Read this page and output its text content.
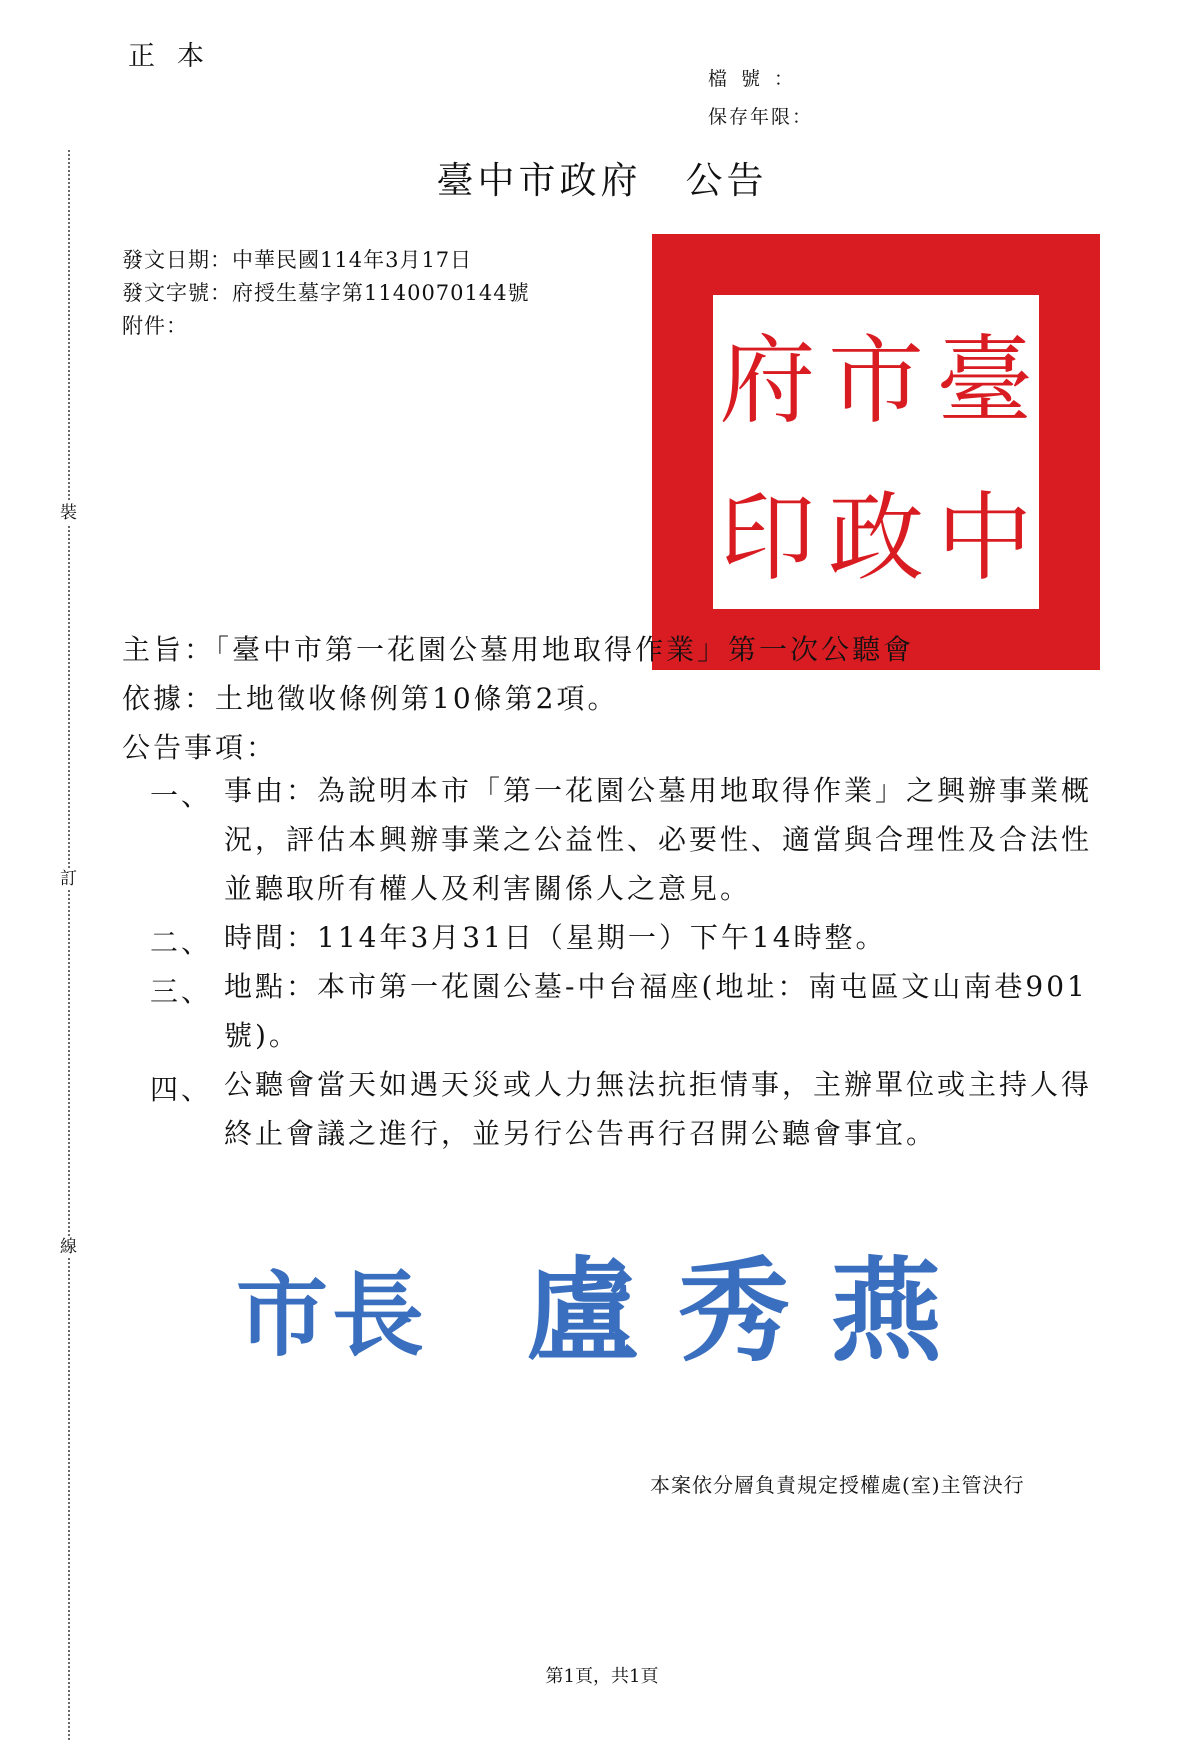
正本
檔號：
保存年限：
裝
訂
線
臺中市政府 公告
發文日期：中華民國114年3月17日
發文字號：府授生墓字第1140070144號
附件：	臺
中
市
政
府
印
主旨：「臺中市第一花園公墓用地取得作業」第一次公聽會
依據：土地徵收條例第10條第2項。
公告事項：
一、 事由：為說明本市「第一花園公墓用地取得作業」之興辦事業概況，評估本興辦事業之公益性、必要性、適當與合理性及合法性並聽取所有權人及利害關係人之意見。
二、 時間：114年3月31日（星期一）下午14時整。
三、 地點：本市第一花園公墓-中台福座(地址：南屯區文山南巷901號)。
四、 公聽會當天如遇天災或人力無法抗拒情事，主辦單位或主持人得終止會議之進行，並另行公告再行召開公聽會事宜。
市長 盧秀燕
本案依分層負責規定授權處(室)主管決行
第1頁，共1頁
